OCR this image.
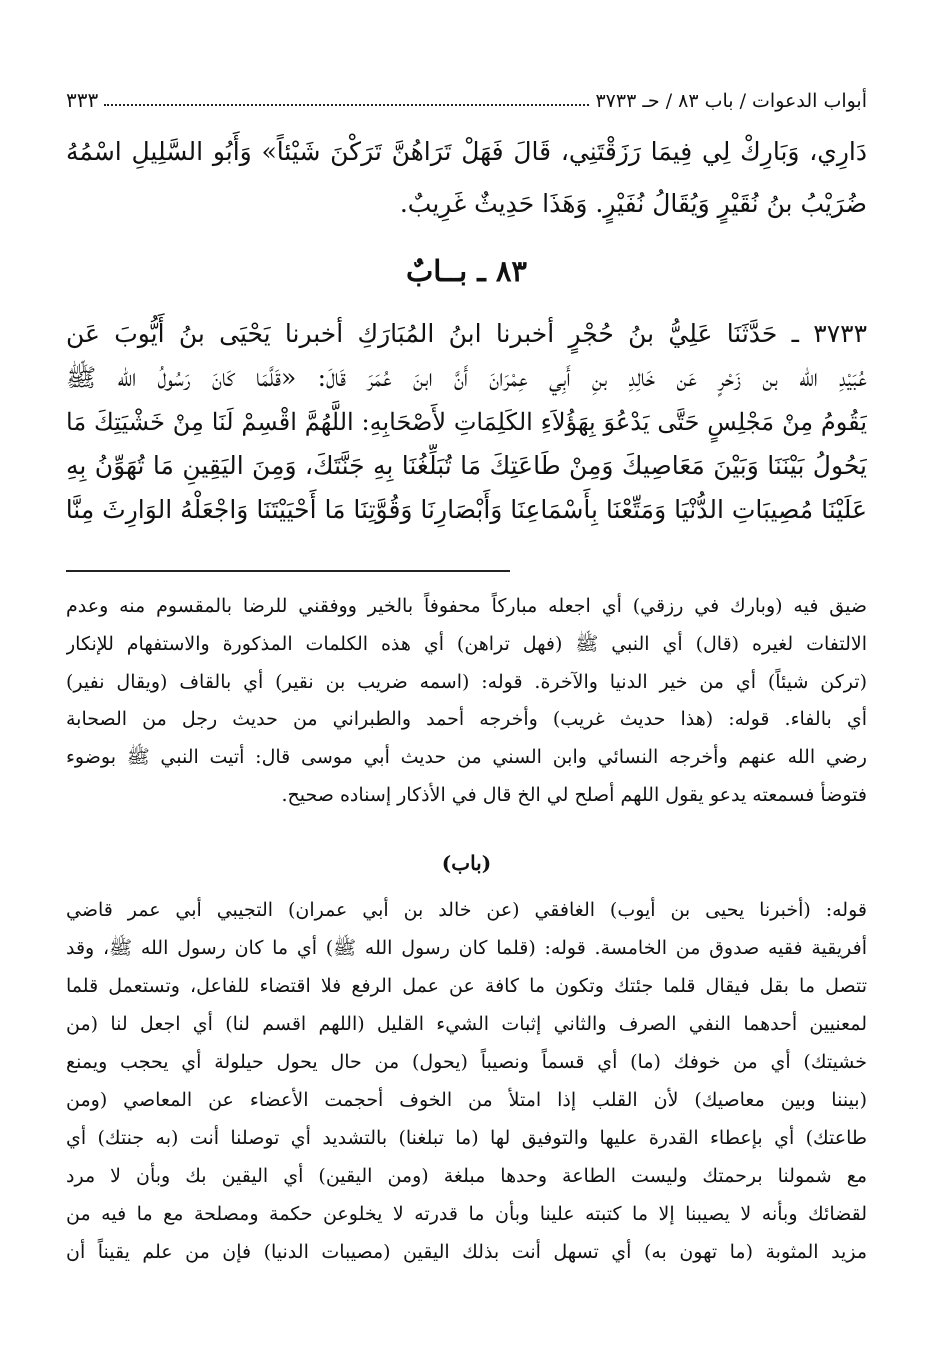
أبواب الدعوات / باب ٨٣ / حـ ٣٧٣٣
٣٣٣
دَارِي، وَبَارِكْ لِي فِيمَا رَزَقْتَنِي، قَالَ فَهَلْ تَرَاهُنَّ تَرَكْنَ شَيْئاً» وَأَبُو السَّلِيلِ اسْمُهُ
ضُرَيْبُ بنُ نُقَيْرٍ وَيُقَالُ نُفَيْرٍ. وَهَذَا حَدِيثٌ غَرِيبٌ.
٨٣ ـ بــابٌ
٣٧٣٣ ـ حَدَّثَنَا عَلِيُّ بنُ حُجْرٍ أخبرنا ابنُ المُبَارَكِ أخبرنا يَحْيَى بنُ أَيُّوبَ عَن
عُبَيْدِ الله بن زَحْرٍ عَن خَالِدِ بنِ أَبِي عِمْرَانَ أَنَّ ابنَ عُمَرَ قَالَ: «قَلَّمَا كَانَ رَسُولُ الله ﷺ
يَقُومُ مِنْ مَجْلِسٍ حَتَّى يَدْعُوَ بِهَؤُلاَءِ الكَلِمَاتِ لأَصْحَابِهِ: اللَّهُمَّ اقْسِمْ لَنَا مِنْ خَشْيَتِكَ مَا
يَحُولُ بَيْنَنَا وَبَيْنَ مَعَاصِيكَ وَمِنْ طَاعَتِكَ مَا تُبَلِّغُنَا بِهِ جَنَّتَكَ، وَمِنَ اليَقِينِ مَا تُهَوِّنُ بِهِ
عَلَيْنَا مُصِيبَاتِ الدُّنْيَا وَمَتِّعْنَا بِأَسْمَاعِنَا وَأَبْصَارِنَا وَقُوَّتِنَا مَا أَحْيَيْتَنَا وَاجْعَلْهُ الوَارِثَ مِنَّا
ضيق فيه (وبارك في رزقي) أي اجعله مباركاً محفوفاً بالخير ووفقني للرضا بالمقسوم منه وعدم
الالتفات لغيره (قال) أي النبي ﷺ (فهل تراهن) أي هذه الكلمات المذكورة والاستفهام للإنكار
(تركن شيئاً) أي من خير الدنيا والآخرة. قوله: (اسمه ضريب بن نقير) أي بالقاف (ويقال نفير)
أي بالفاء. قوله: (هذا حديث غريب) وأخرجه أحمد والطبراني من حديث رجل من الصحابة
رضي الله عنهم وأخرجه النسائي وابن السني من حديث أبي موسى قال: أتيت النبي ﷺ بوضوء
فتوضأ فسمعته يدعو يقول اللهم أصلح لي الخ قال في الأذكار إسناده صحيح.
(باب)
قوله: (أخبرنا يحيى بن أيوب) الغافقي (عن خالد بن أبي عمران) التجيبي أبي عمر قاضي
أفريقية فقيه صدوق من الخامسة. قوله: (قلما كان رسول الله ﷺ) أي ما كان رسول الله ﷺ، وقد
تتصل ما بقل فيقال قلما جئتك وتكون ما كافة عن عمل الرفع فلا اقتضاء للفاعل، وتستعمل قلما
لمعنيين أحدهما النفي الصرف والثاني إثبات الشيء القليل (اللهم اقسم لنا) أي اجعل لنا (من
خشيتك) أي من خوفك (ما) أي قسماً ونصيباً (يحول) من حال يحول حيلولة أي يحجب ويمنع
(بيننا وبين معاصيك) لأن القلب إذا امتلأ من الخوف أحجمت الأعضاء عن المعاصي (ومن
طاعتك) أي بإعطاء القدرة عليها والتوفيق لها (ما تبلغنا) بالتشديد أي توصلنا أنت (به جنتك) أي
مع شمولنا برحمتك وليست الطاعة وحدها مبلغة (ومن اليقين) أي اليقين بك وبأن لا مرد
لقضائك وبأنه لا يصيبنا إلا ما كتبته علينا وبأن ما قدرته لا يخلوعن حكمة ومصلحة مع ما فيه من
مزيد المثوبة (ما تهون به) أي تسهل أنت بذلك اليقين (مصيبات الدنيا) فإن من علم يقيناً أن
